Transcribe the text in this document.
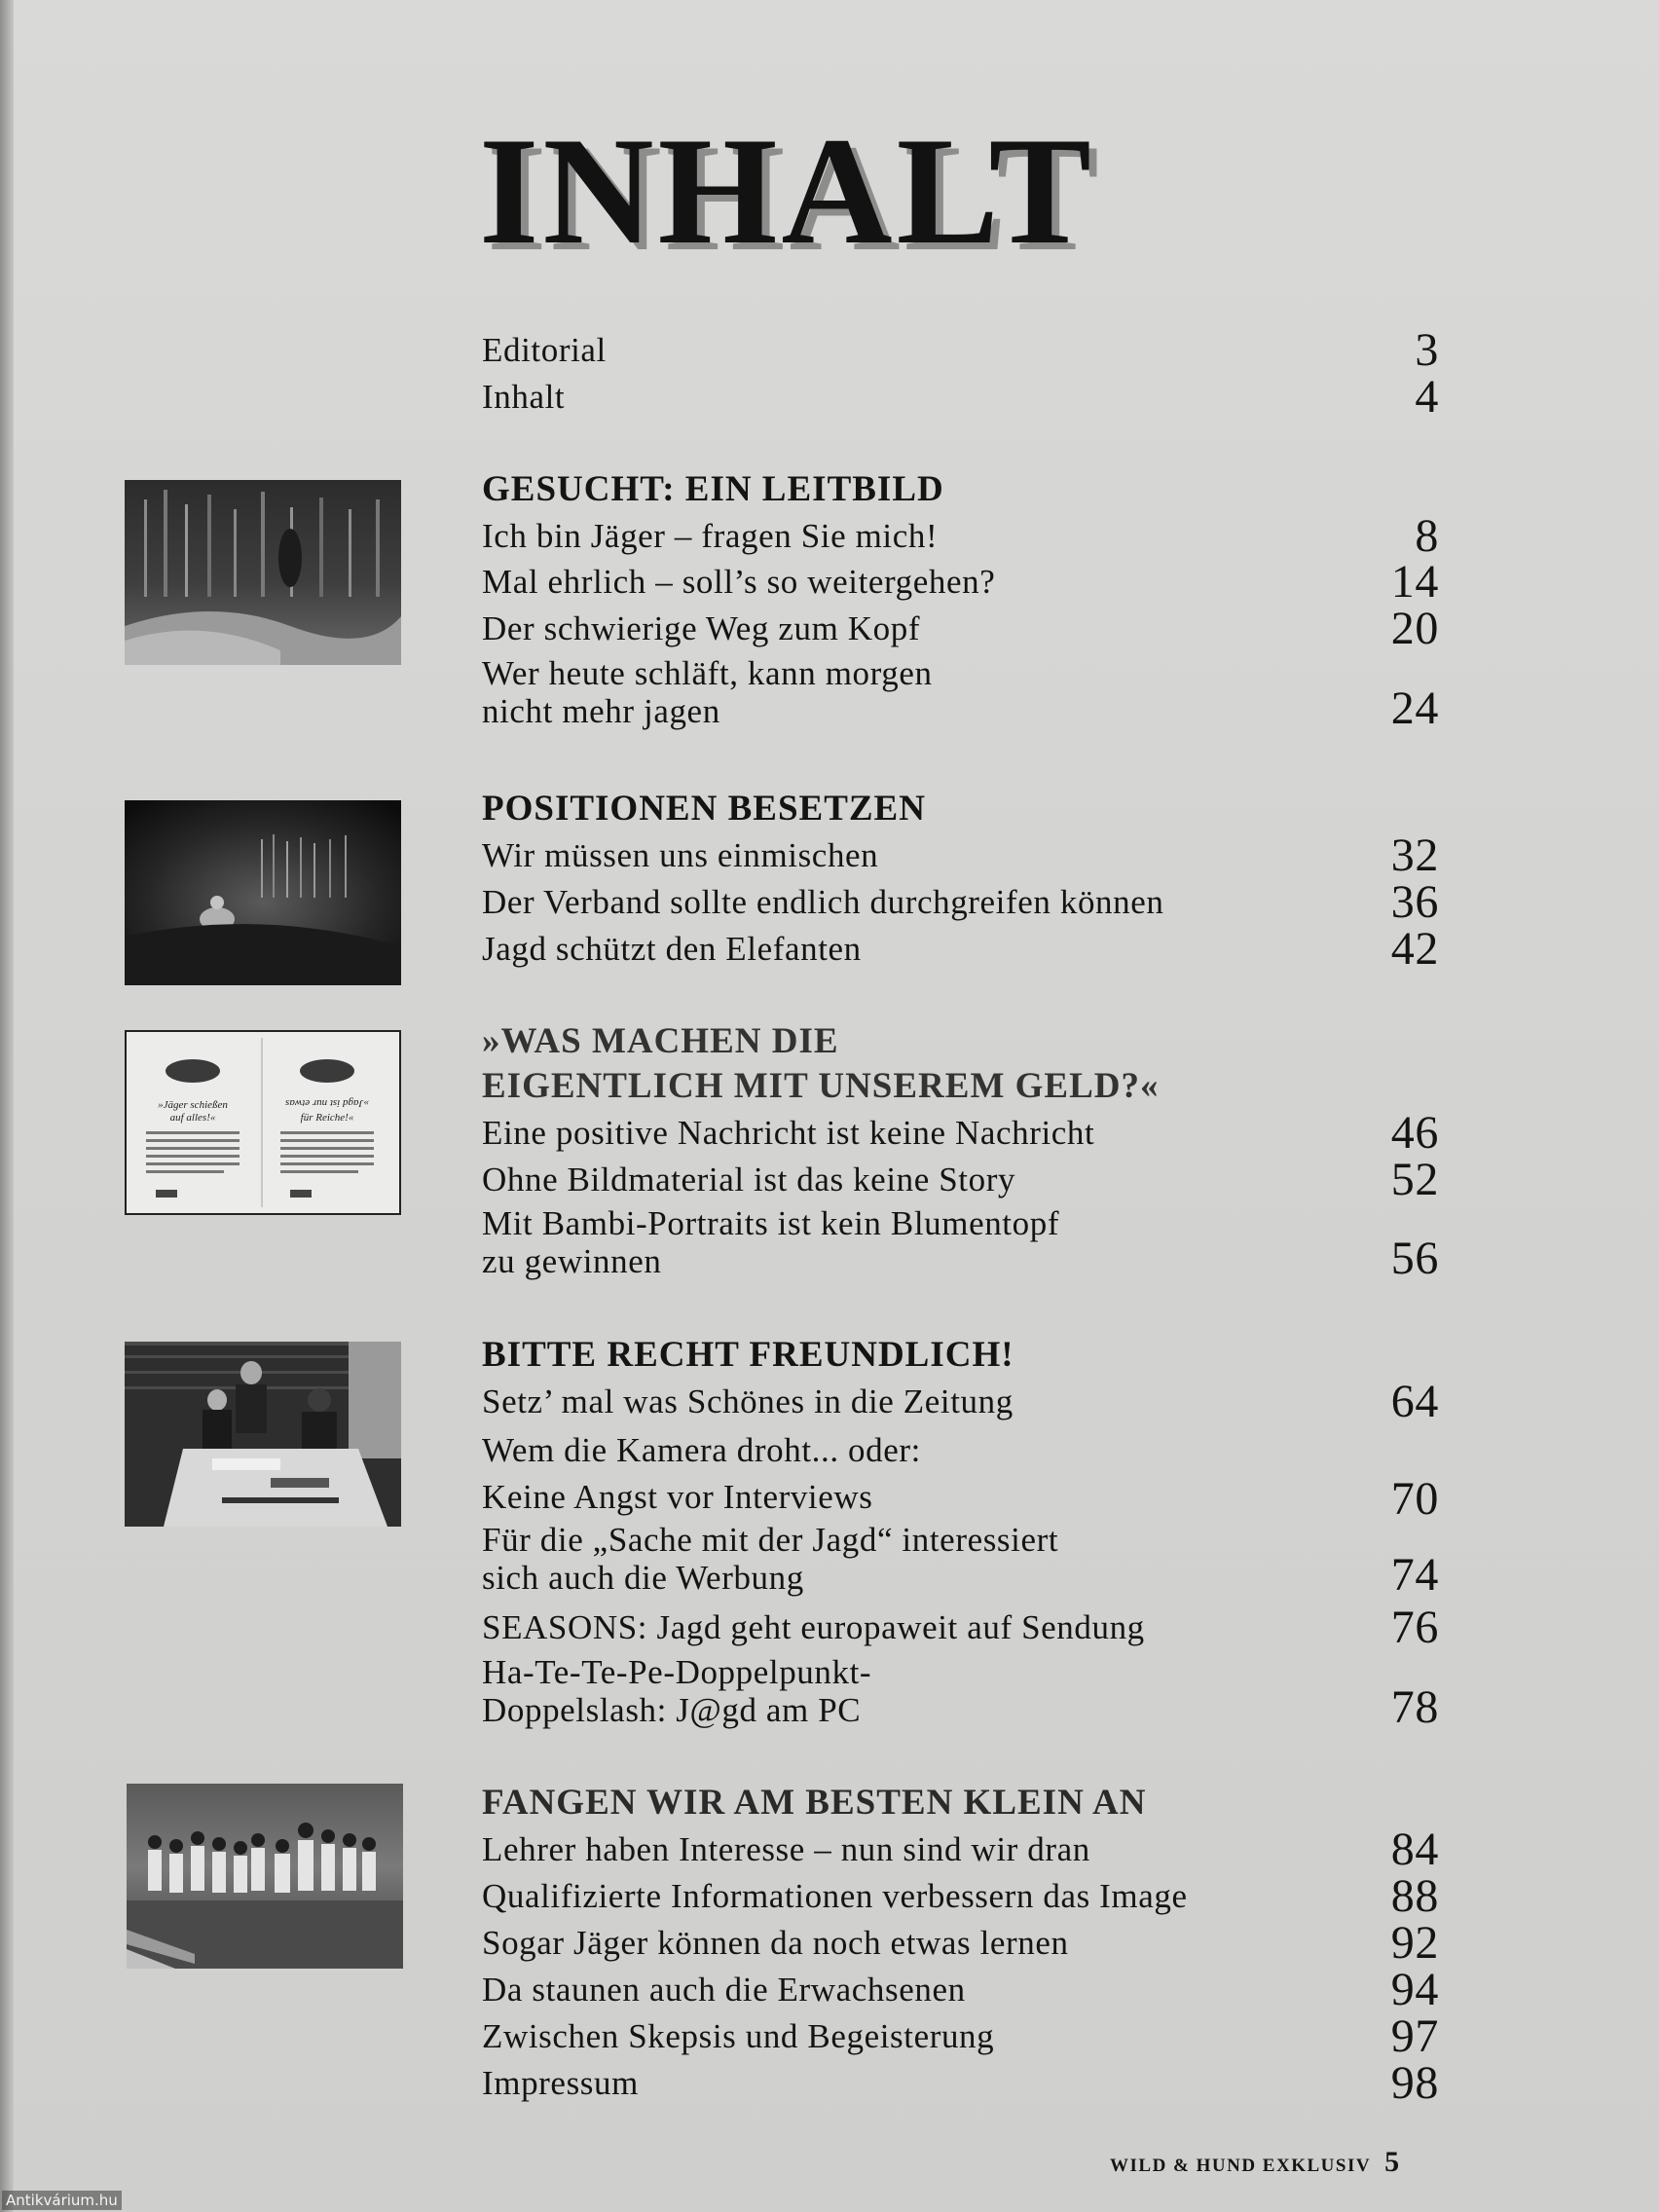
INHALT
Editorial	3
Inhalt	4
GESUCHT: EIN LEITBILD
Ich bin Jäger – fragen Sie mich!	8
Mal ehrlich – soll’s so weitergehen?	14
Der schwierige Weg zum Kopf	20
Wer heute schläft, kann morgen
nicht mehr jagen	24
POSITIONEN BESETZEN
Wir müssen uns einmischen	32
Der Verband sollte endlich durchgreifen können	36
Jagd schützt den Elefanten	42
»Jäger schießen
auf alles!«
»Jagd ist nur etwas
für Reiche!«
»WAS MACHEN DIE
EIGENTLICH MIT UNSEREM GELD?«
Eine positive Nachricht ist keine Nachricht	46
Ohne Bildmaterial ist das keine Story	52
Mit Bambi-Portraits ist kein Blumentopf
zu gewinnen	56
BITTE RECHT FREUNDLICH!
Setz’ mal was Schönes in die Zeitung	64
Wem die Kamera droht... oder:
Keine Angst vor Interviews	70
Für die „Sache mit der Jagd“ interessiert
sich auch die Werbung	74
SEASONS: Jagd geht europaweit auf Sendung	76
Ha-Te-Te-Pe-Doppelpunkt-
Doppelslash: J@gd am PC	78
FANGEN WIR AM BESTEN KLEIN AN
Lehrer haben Interesse – nun sind wir dran	84
Qualifizierte Informationen verbessern das Image	88
Sogar Jäger können da noch etwas lernen	92
Da staunen auch die Erwachsenen	94
Zwischen Skepsis und Begeisterung	97
Impressum	98
WILD & HUND EXKLUSIV 5
Antikvárium.hu
